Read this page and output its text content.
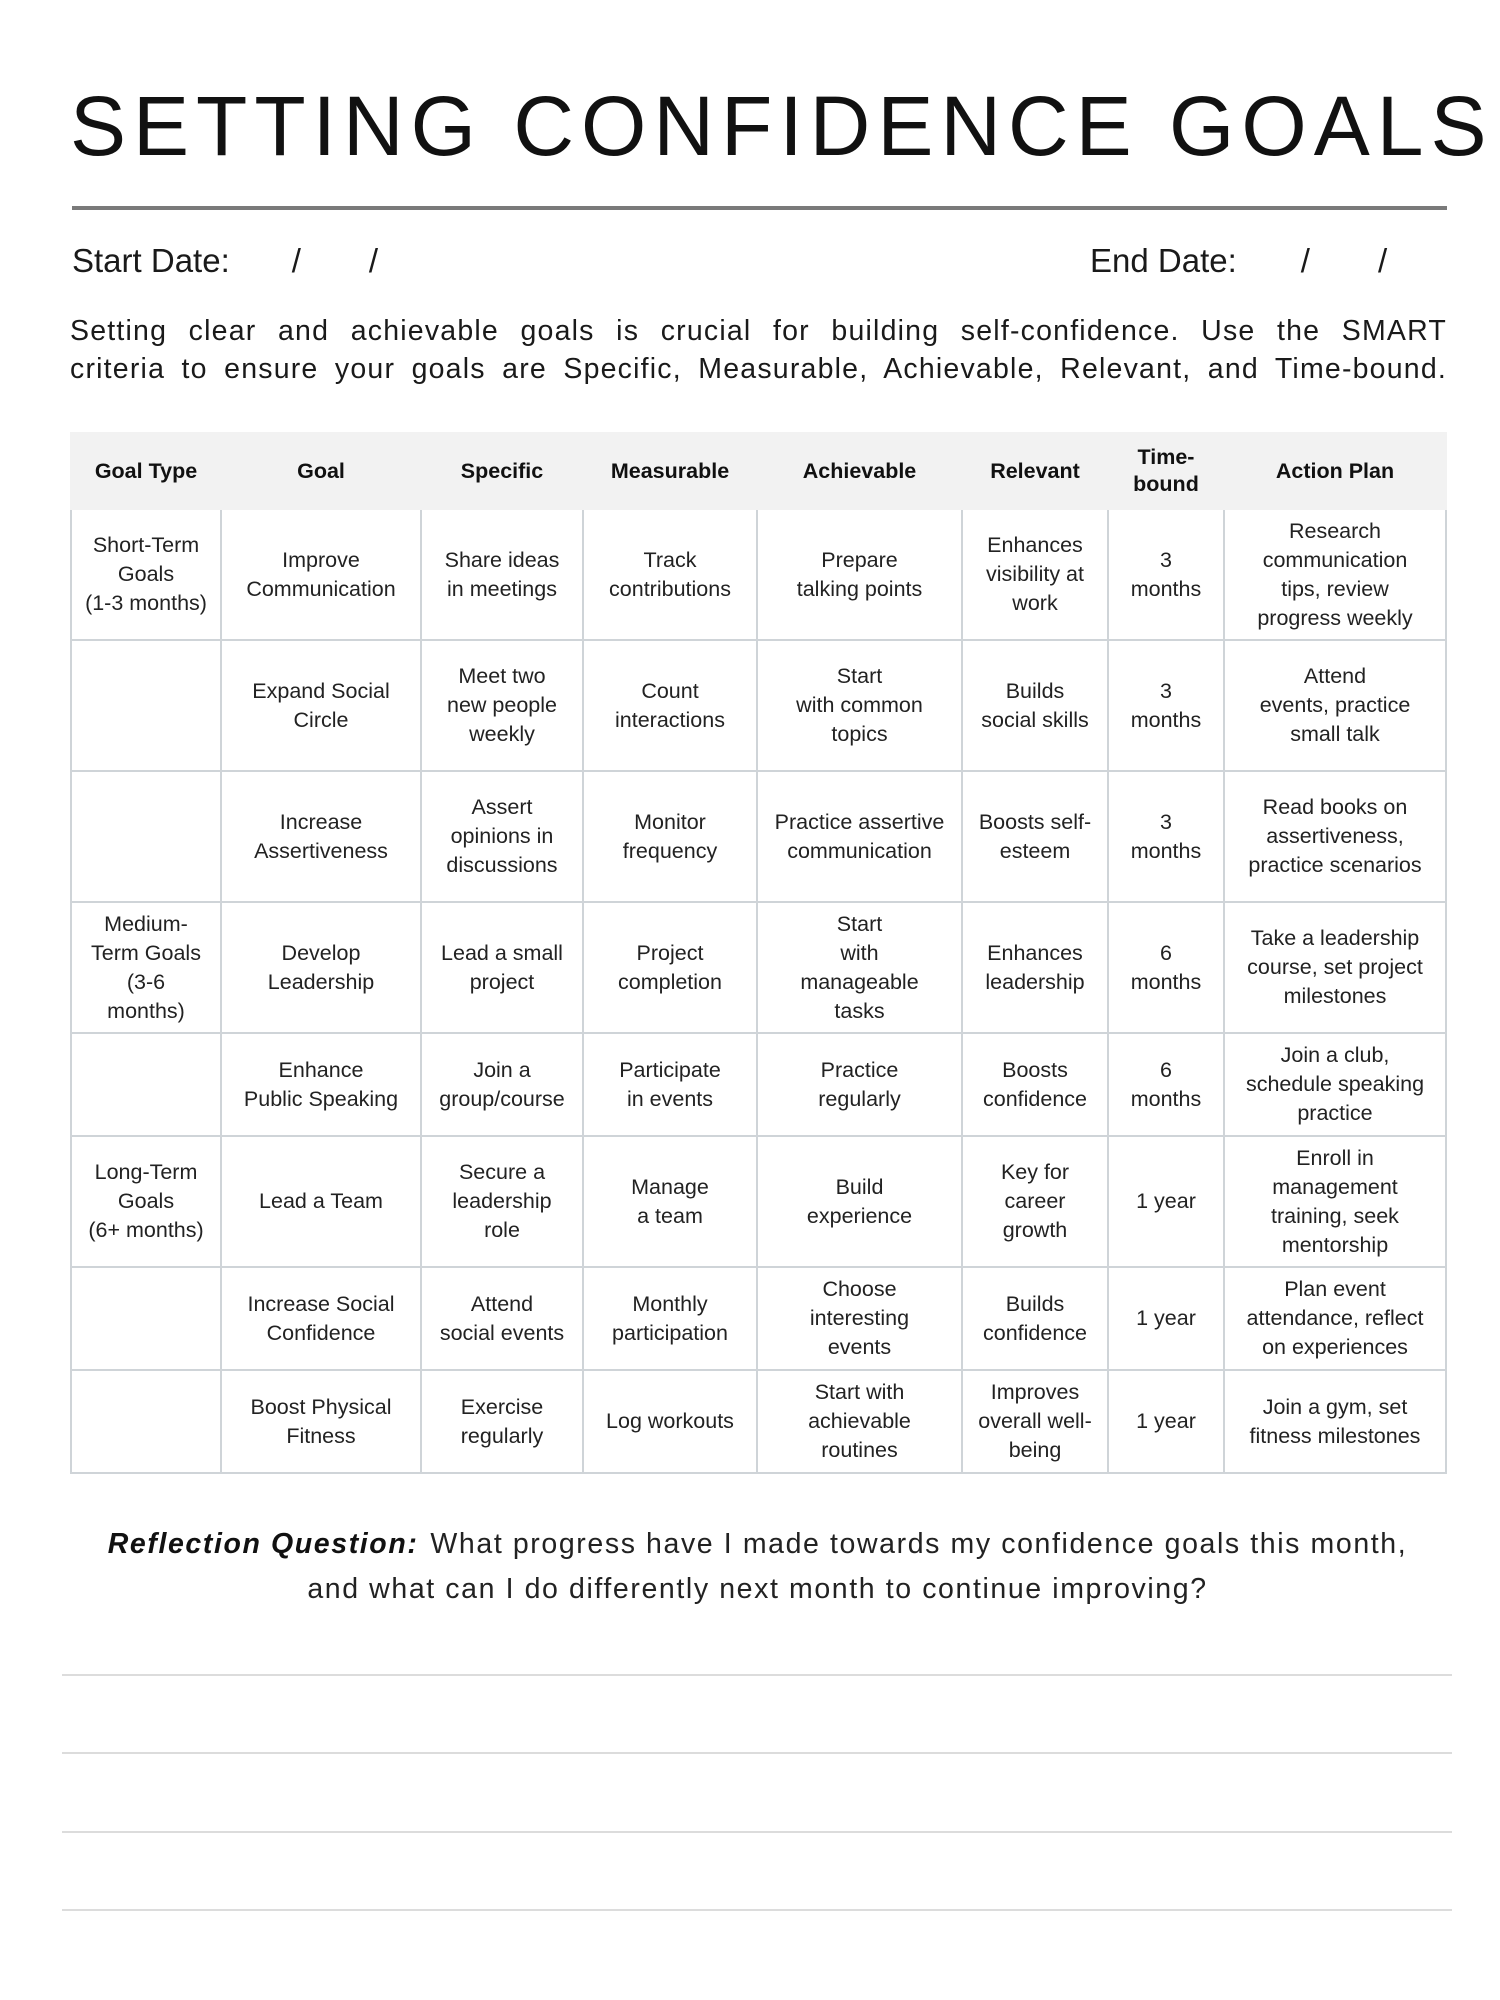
SETTING CONFIDENCE GOALS
Start Date: / /	End Date: / /

Setting clear and achievable goals is crucial for building self-confidence. Use the SMART
criteria to ensure your goals are Specific, Measurable, Achievable, Relevant, and Time-bound.

Goal Type	Goal	Specific	Measurable	Achievable	Relevant	Time-
bound	Action Plan
Short-Term
Goals
(1-3 months)	Improve
Communication	Share ideas
in meetings	Track
contributions	Prepare
talking points	Enhances
visibility at
work	3
months	Research
communication
tips, review
progress weekly
	Expand Social
Circle	Meet two
new people
weekly	Count
interactions	Start
with common
topics	Builds
social skills	3
months	Attend
events, practice
small talk
	Increase
Assertiveness	Assert
opinions in
discussions	Monitor
frequency	Practice assertive
communication	Boosts self-
esteem	3
months	Read books on
assertiveness,
practice scenarios
Medium-
Term Goals
(3-6
months)	Develop
Leadership	Lead a small
project	Project
completion	Start
with
manageable
tasks	Enhances
leadership	6
months	Take a leadership
course, set project
milestones
	Enhance
Public Speaking	Join a
group/course	Participate
in events	Practice
regularly	Boosts
confidence	6
months	Join a club,
schedule speaking
practice
Long-Term
Goals
(6+ months)	Lead a Team	Secure a
leadership
role	Manage
a team	Build
experience	Key for
career
growth	1 year	Enroll in
management
training, seek
mentorship
	Increase Social
Confidence	Attend
social events	Monthly
participation	Choose
interesting
events	Builds
confidence	1 year	Plan event
attendance, reflect
on experiences
	Boost Physical
Fitness	Exercise
regularly	Log workouts	Start with
achievable
routines	Improves
overall well-
being	1 year	Join a gym, set
fitness milestones

Reflection Question: What progress have I made towards my confidence goals this month,
and what can I do differently next month to continue improving?
